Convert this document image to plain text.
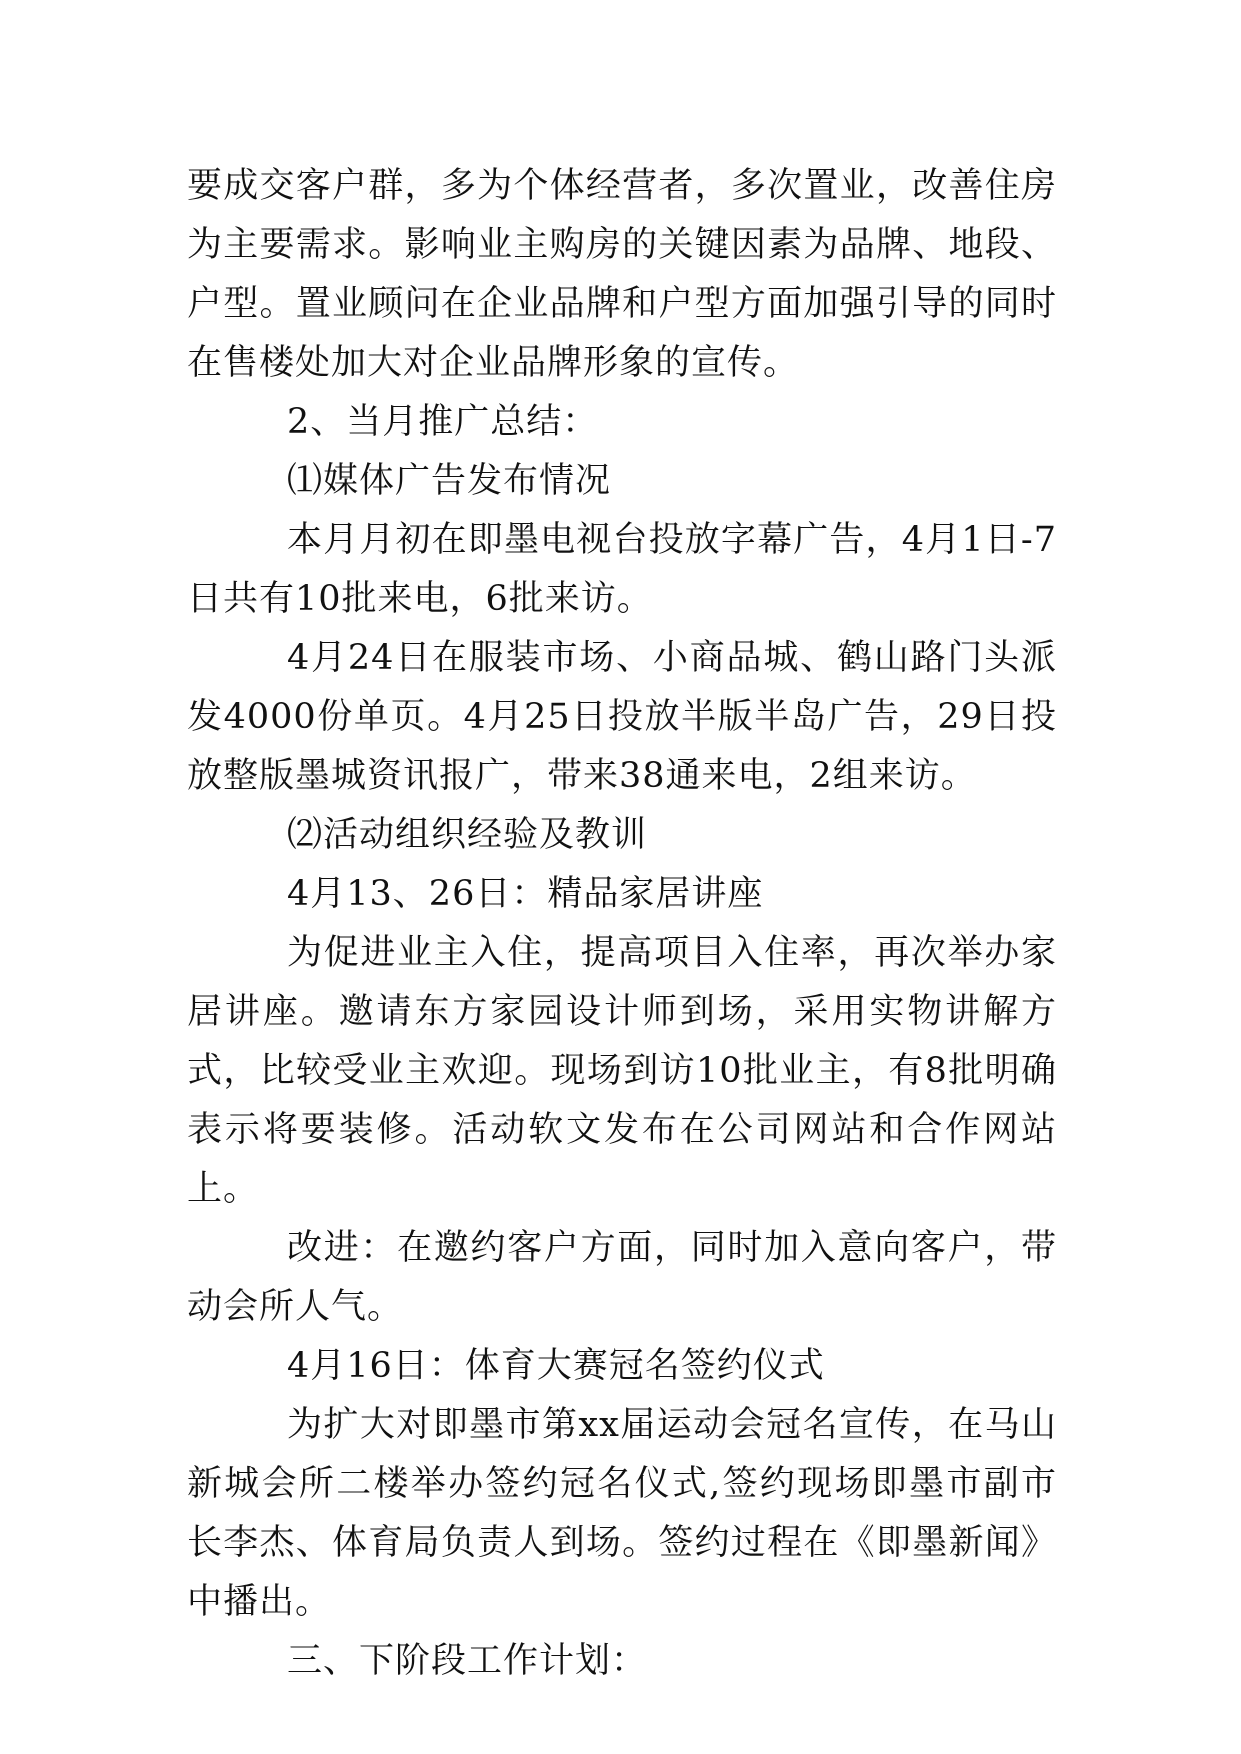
要成交客户群，多为个体经营者，多次置业，改善住房为主要需求。影响业主购房的关键因素为品牌、地段、户型。置业顾问在企业品牌和户型方面加强引导的同时在售楼处加大对企业品牌形象的宣传。

2、当月推广总结：

⑴媒体广告发布情况

本月月初在即墨电视台投放字幕广告，4月1日-7日共有10批来电，6批来访。

4月24日在服装市场、小商品城、鹤山路门头派发4000份单页。4月25日投放半版半岛广告，29日投放整版墨城资讯报广，带来38通来电，2组来访。

⑵活动组织经验及教训

4月13、26日：精品家居讲座

为促进业主入住，提高项目入住率，再次举办家居讲座。邀请东方家园设计师到场，采用实物讲解方式，比较受业主欢迎。现场到访10批业主，有8批明确表示将要装修。活动软文发布在公司网站和合作网站上。

改进：在邀约客户方面，同时加入意向客户，带动会所人气。

4月16日：体育大赛冠名签约仪式

为扩大对即墨市第xx届运动会冠名宣传，在马山新城会所二楼举办签约冠名仪式,签约现场即墨市副市长李杰、体育局负责人到场。签约过程在《即墨新闻》中播出。

三、下阶段工作计划：
